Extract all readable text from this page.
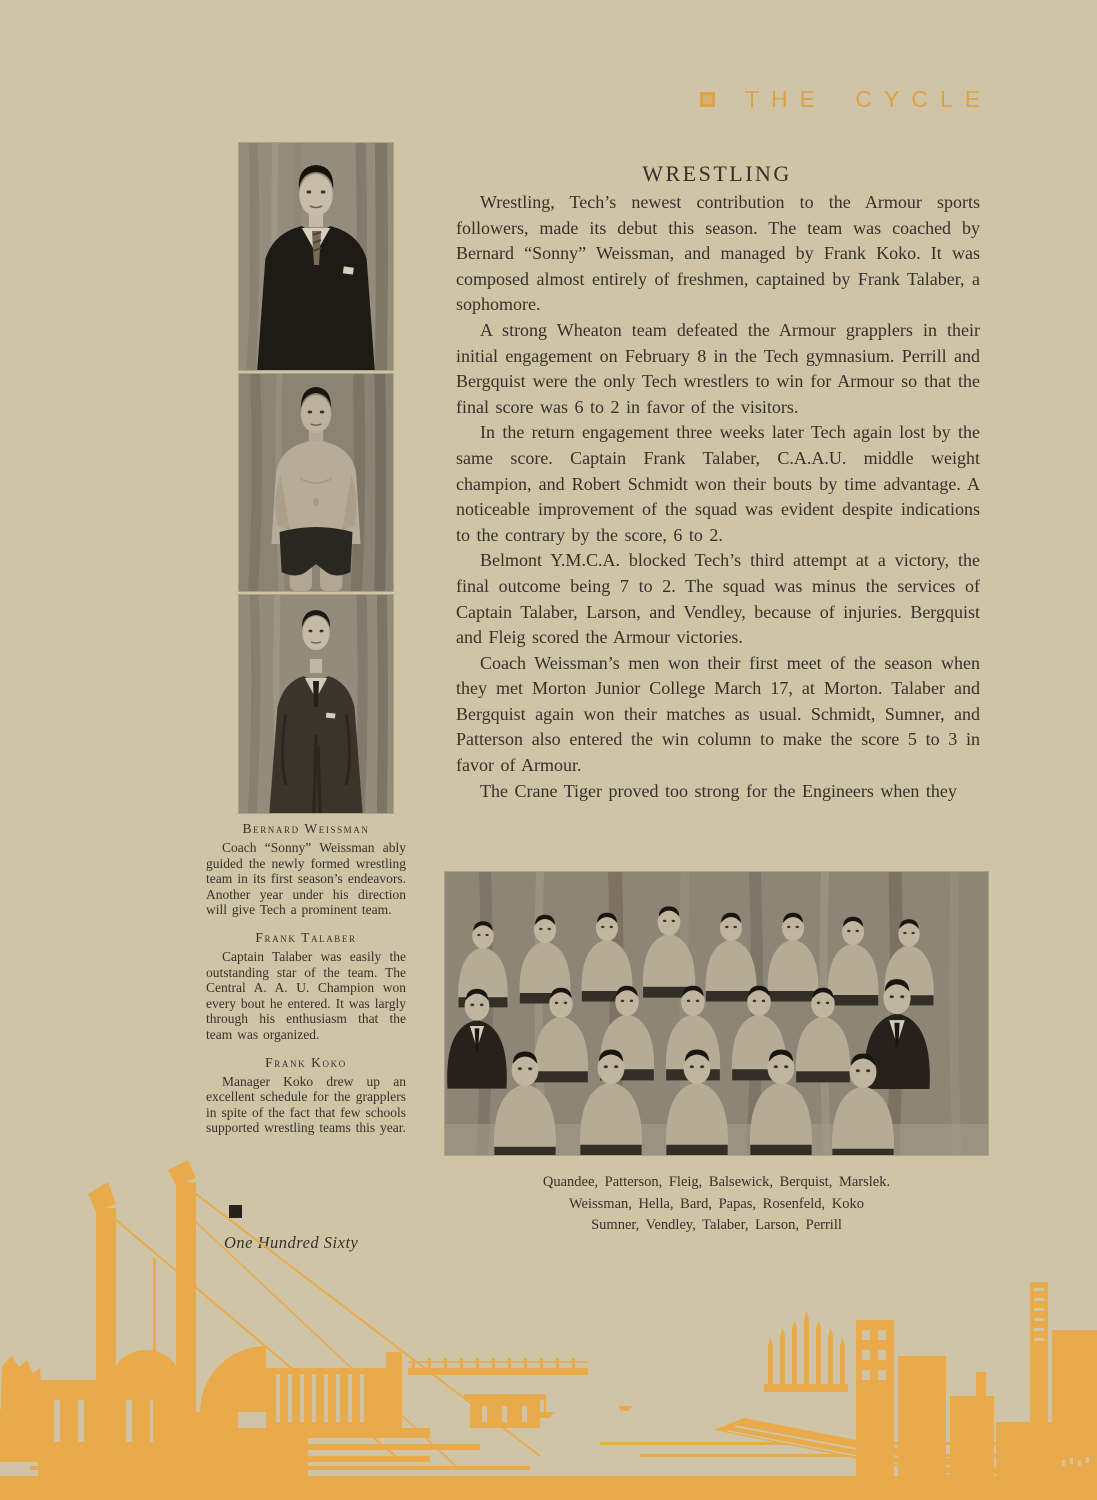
THE CYCLE
WRESTLING

Wrestling, Tech’s newest contribution to the Armour sports followers, made its debut this season. The team was coached by Bernard “Sonny” Weissman, and managed by Frank Koko. It was composed almost entirely of freshmen, captained by Frank Talaber, a sophomore.

A strong Wheaton team defeated the Armour grapplers in their initial engagement on February 8 in the Tech gymnasium. Perrill and Bergquist were the only Tech wrestlers to win for Armour so that the final score was 6 to 2 in favor of the visitors.

In the return engagement three weeks later Tech again lost by the same score. Captain Frank Talaber, C.A.A.U. middle weight champion, and Robert Schmidt won their bouts by time advantage. A noticeable improvement of the squad was evident despite indications to the contrary by the score, 6 to 2.

Belmont Y.M.C.A. blocked Tech’s third attempt at a victory, the final outcome being 7 to 2. The squad was minus the services of Captain Talaber, Larson, and Vendley, because of injuries. Bergquist and Fleig scored the Armour victories.

Coach Weissman’s men won their first meet of the season when they met Morton Junior College March 17, at Morton. Talaber and Bergquist again won their matches as usual. Schmidt, Sumner, and Patterson also entered the win column to make the score 5 to 3 in favor of Armour.

The Crane Tiger proved too strong for the Engineers when they

Bernard Weissman

Coach “Sonny” Weissman ably guided the newly formed wrestling team in its first season’s endeavors. Another year under his direction will give Tech a prominent team.

Frank Talaber

Captain Talaber was easily the outstanding star of the team. The Central A. A. U. Champion won every bout he entered. It was largly through his enthusiasm that the team was organized.

Frank Koko

Manager Koko drew up an excellent schedule for the grapplers in spite of the fact that few schools supported wrestling teams this year.

One Hundred Sixty
Quandee, Patterson, Fleig, Balsewick, Berquist, Marslek.
Weissman, Hella, Bard, Papas, Rosenfeld, Koko
Sumner, Vendley, Talaber, Larson, Perrill
